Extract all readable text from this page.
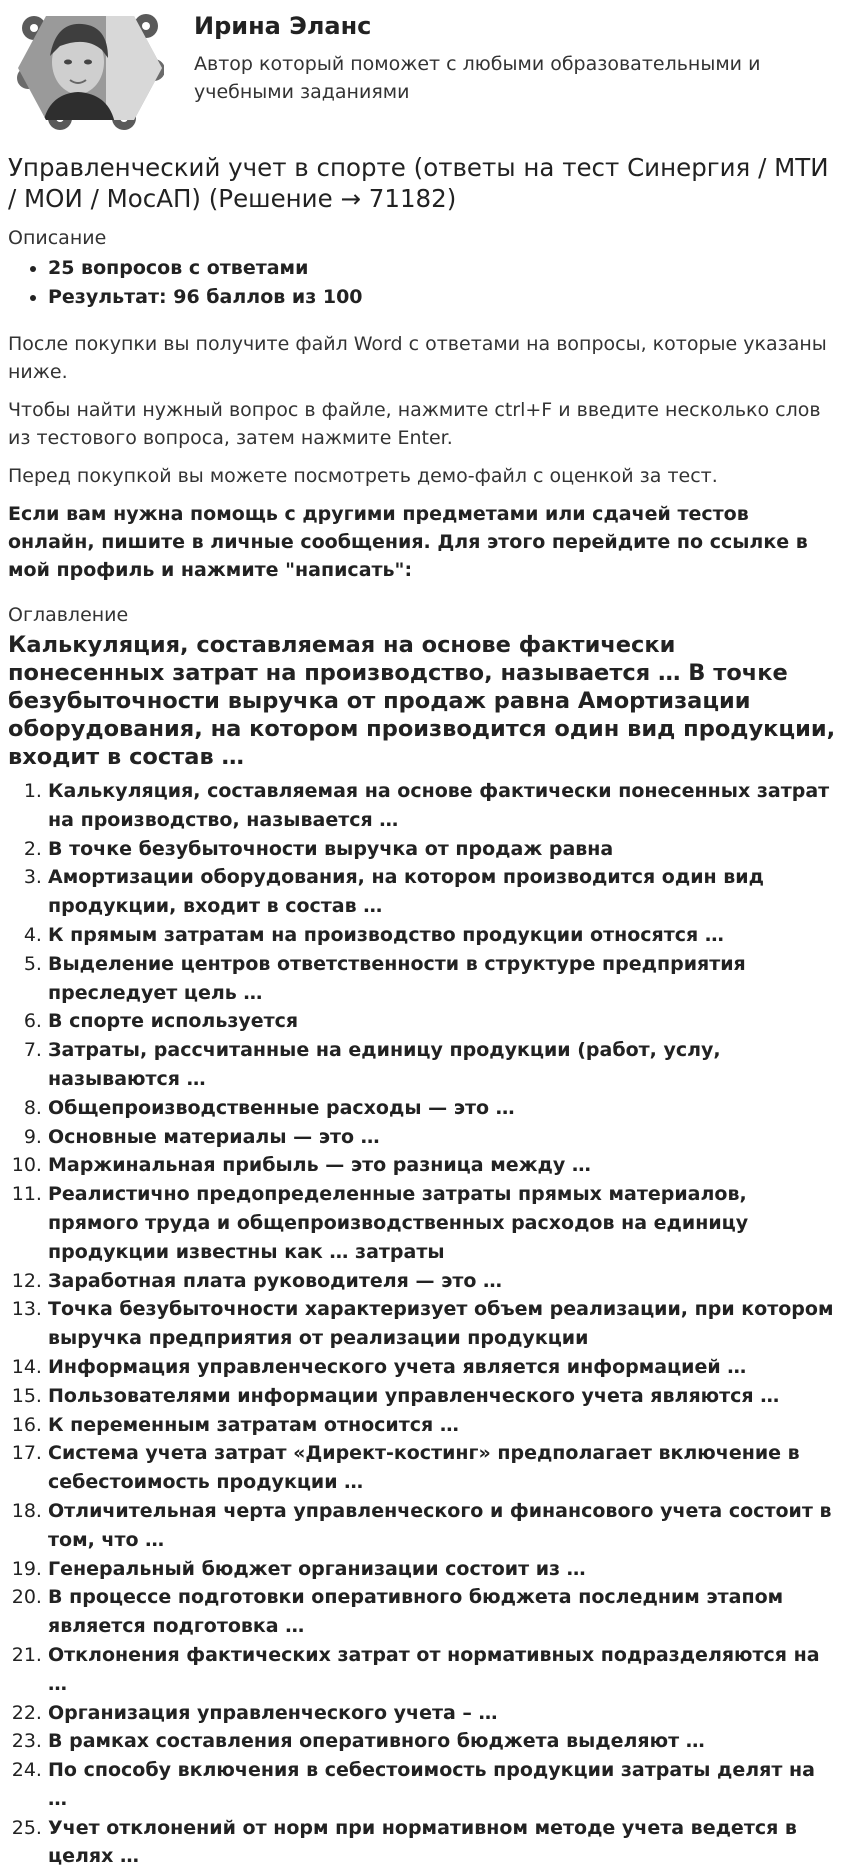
Ирина Эланс
Автор который поможет с любыми образовательными и учебными заданиями
Управленческий учет в спорте (ответы на тест Синергия / МТИ / МОИ / МосАП) (Решение → 71182)
Описание
• 25 вопросов с ответами
• Результат: 96 баллов из 100

После покупки вы получите файл Word с ответами на вопросы, которые указаны ниже.

Чтобы найти нужный вопрос в файле, нажмите ctrl+F и введите несколько слов из тестового вопроса, затем нажмите Enter.

Перед покупкой вы можете посмотреть демо-файл с оценкой за тест.

Если вам нужна помощь с другими предметами или сдачей тестов онлайн, пишите в личные сообщения. Для этого перейдите по ссылке в мой профиль и нажмите "написать":

Оглавление
Калькуляция, составляемая на основе фактически понесенных затрат на производство, называется … В точке безубыточности выручка от продаж равна Амортизации оборудования, на котором производится один вид продукции, входит в состав …
1. Калькуляция, составляемая на основе фактически понесенных затрат на производство, называется …
2. В точке безубыточности выручка от продаж равна
3. Амортизации оборудования, на котором производится один вид продукции, входит в состав …
4. К прямым затратам на производство продукции относятся …
5. Выделение центров ответственности в структуре предприятия преследует цель …
6. В спорте используется
7. Затраты, рассчитанные на единицу продукции (работ, услу, называются …
8. Общепроизводственные расходы — это …
9. Основные материалы — это …
10. Маржинальная прибыль — это разница между …
11. Реалистично предопределенные затраты прямых материалов, прямого труда и общепроизводственных расходов на единицу продукции известны как … затраты
12. Заработная плата руководителя — это …
13. Точка безубыточности характеризует объем реализации, при котором выручка предприятия от реализации продукции
14. Информация управленческого учета является информацией …
15. Пользователями информации управленческого учета являются …
16. К переменным затратам относится …
17. Система учета затрат «Директ-костинг» предполагает включение в себестоимость продукции …
18. Отличительная черта управленческого и финансового учета состоит в том, что …
19. Генеральный бюджет организации состоит из …
20. В процессе подготовки оперативного бюджета последним этапом является подготовка …
21. Отклонения фактических затрат от нормативных подразделяются на …
22. Организация управленческого учета – …
23. В рамках составления оперативного бюджета выделяют …
24. По способу включения в себестоимость продукции затраты делят на …
25. Учет отклонений от норм при нормативном методе учета ведется в целях …
